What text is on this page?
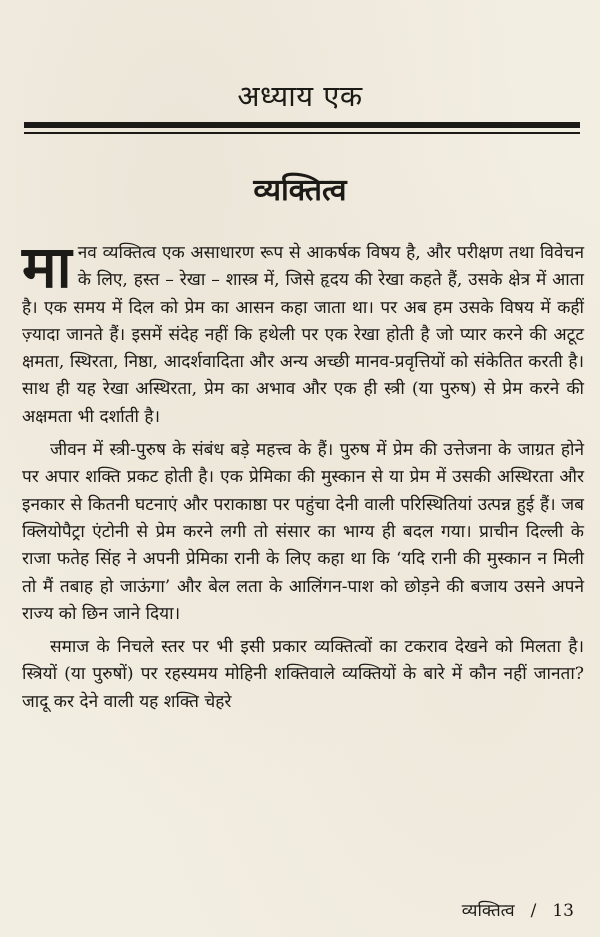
अध्याय एक
व्यक्तित्व

मानव व्यक्तित्व एक असाधारण रूप से आकर्षक विषय है, और परीक्षण तथा विवेचन के लिए, हस्त – रेखा – शास्त्र में, जिसे हृदय की रेखा कहते हैं, उसके क्षेत्र में आता है। एक समय में दिल को प्रेम का आसन कहा जाता था। पर अब हम उसके विषय में कहीं ज़्यादा जानते हैं। इसमें संदेह नहीं कि हथेली पर एक रेखा होती है जो प्यार करने की अटूट क्षमता, स्थिरता, निष्ठा, आदर्शवादिता और अन्य अच्छी मानव-प्रवृत्तियों को संकेतित करती है। साथ ही यह रेखा अस्थिरता, प्रेम का अभाव और एक ही स्त्री (या पुरुष) से प्रेम करने की अक्षमता भी दर्शाती है।

जीवन में स्त्री-पुरुष के संबंध बड़े महत्त्व के हैं। पुरुष में प्रेम की उत्तेजना के जाग्रत होने पर अपार शक्ति प्रकट होती है। एक प्रेमिका की मुस्कान से या प्रेम में उसकी अस्थिरता और इनकार से कितनी घटनाएं और पराकाष्ठा पर पहुंचा देनी वाली परिस्थितियां उत्पन्न हुई हैं। जब क्लियोपैट्रा एंटोनी से प्रेम करने लगी तो संसार का भाग्य ही बदल गया। प्राचीन दिल्ली के राजा फतेह सिंह ने अपनी प्रेमिका रानी के लिए कहा था कि ‘यदि रानी की मुस्कान न मिली तो मैं तबाह हो जाऊंगा’ और बेल लता के आलिंगन-पाश को छोड़ने की बजाय उसने अपने राज्य को छिन जाने दिया।

समाज के निचले स्तर पर भी इसी प्रकार व्यक्तित्वों का टकराव देखने को मिलता है। स्त्रियों (या पुरुषों) पर रहस्यमय मोहिनी शक्तिवाले व्यक्तियों के बारे में कौन नहीं जानता? जादू कर देने वाली यह शक्ति चेहरे

व्यक्तित्व / 13
